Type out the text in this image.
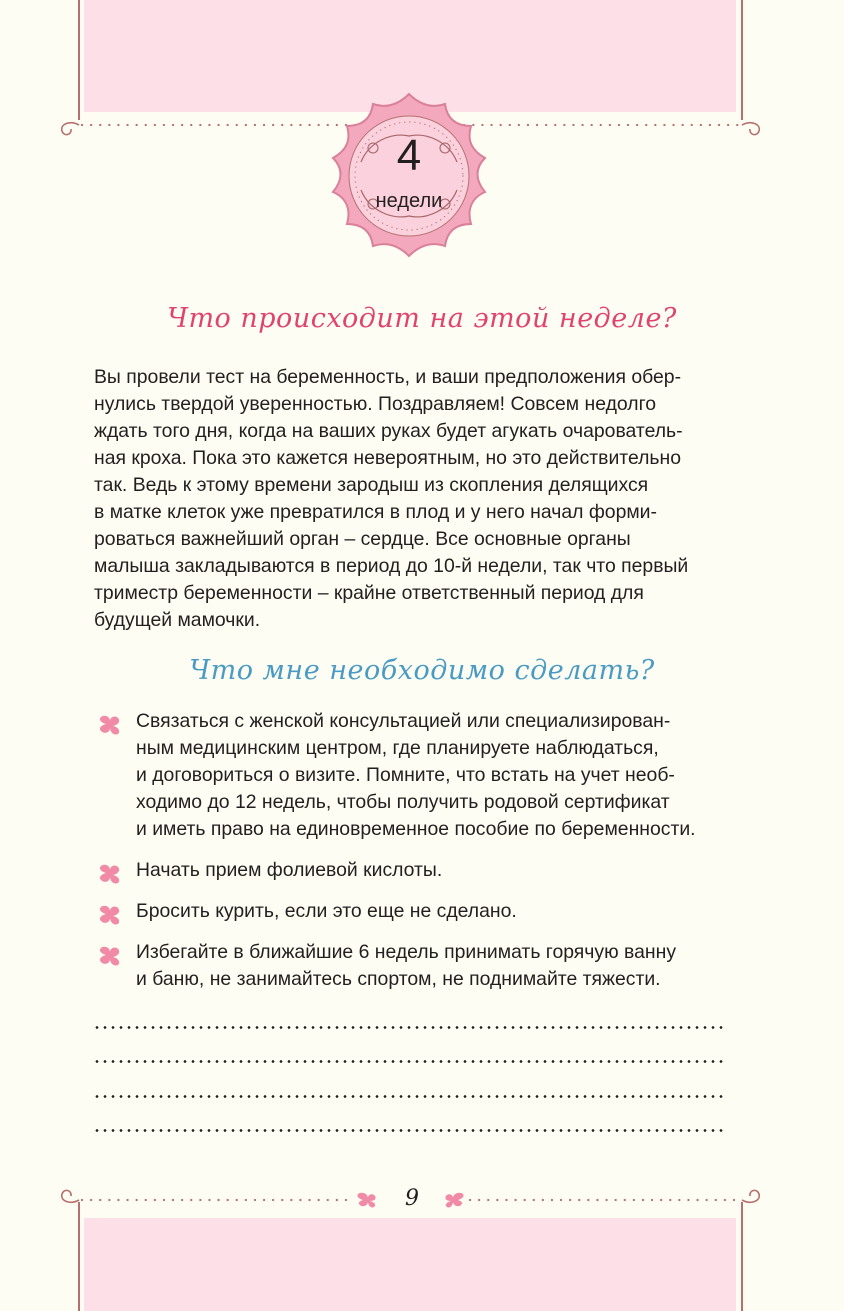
4
недели
Что происходит на этой неделе?

Вы провели тест на беременность, и ваши предположения обер-
нулись твердой уверенностью. Поздравляем! Совсем недолго
ждать того дня, когда на ваших руках будет агукать очарователь-
ная кроха. Пока это кажется невероятным, но это действительно
так. Ведь к этому времени зародыш из скопления делящихся
в матке клеток уже превратился в плод и у него начал форми-
роваться важнейший орган – сердце. Все основные органы
малыша закладываются в период до 10-й недели, так что первый
триместр беременности – крайне ответственный период для
будущей мамочки.

Что мне необходимо сделать?
Связаться с женской консультацией или специализирован-
ным медицинским центром, где планируете наблюдаться,
и договориться о визите. Помните, что встать на учет необ-
ходимо до 12 недель, чтобы получить родовой сертификат
и иметь право на единовременное пособие по беременности.
Начать прием фолиевой кислоты.
Бросить курить, если это еще не сделано.
Избегайте в ближайшие 6 недель принимать горячую ванну
и баню, не занимайтесь спортом, не поднимайте тяжести.
9
